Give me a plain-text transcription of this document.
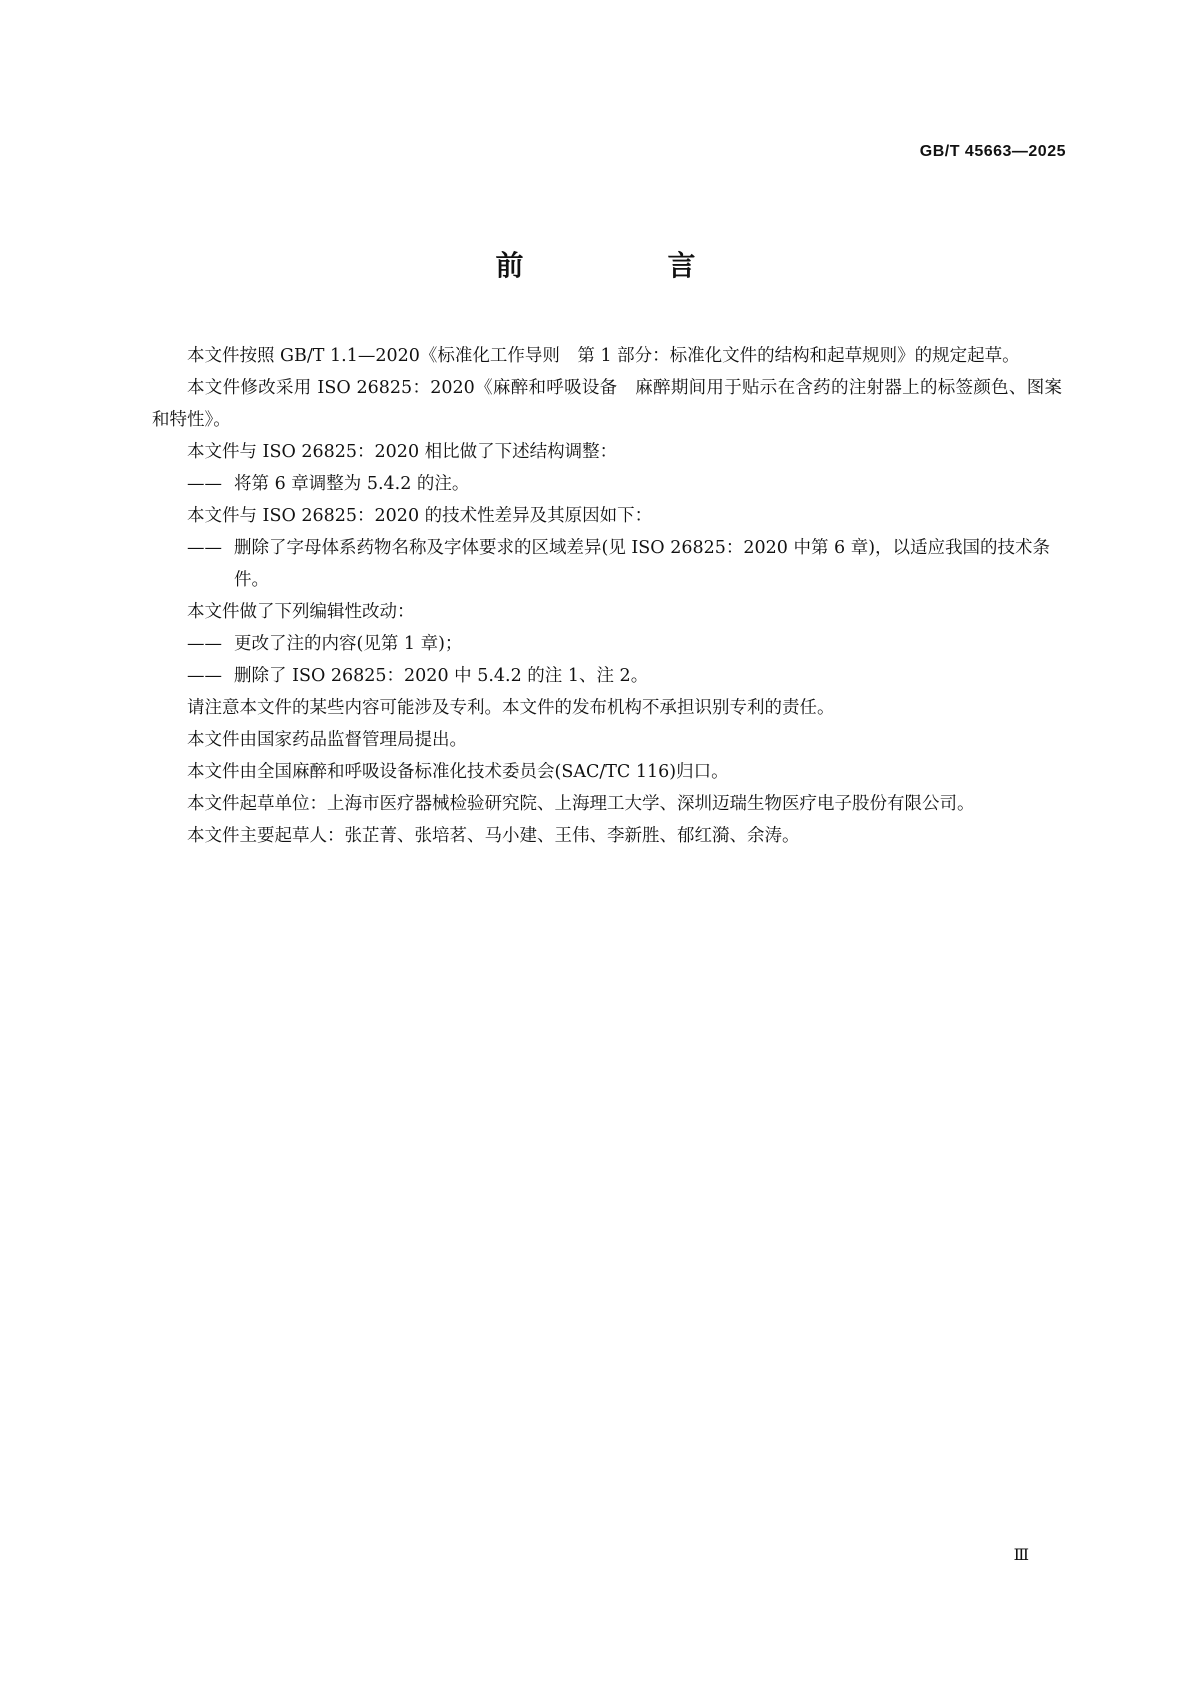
GB/T 45663—2025
前　言

本文件按照 GB/T 1.1—2020《标准化工作导则　第 1 部分：标准化文件的结构和起草规则》的规定起草。

本文件修改采用 ISO 26825：2020《麻醉和呼吸设备　麻醉期间用于贴示在含药的注射器上的标签颜色、图案和特性》。

本文件与 ISO 26825：2020 相比做了下述结构调整：

—— 将第 6 章调整为 5.4.2 的注。

本文件与 ISO 26825：2020 的技术性差异及其原因如下：

—— 删除了字母体系药物名称及字体要求的区域差异(见 ISO 26825：2020 中第 6 章)，以适应我国的技术条件。

本文件做了下列编辑性改动：

—— 更改了注的内容(见第 1 章)；

—— 删除了 ISO 26825：2020 中 5.4.2 的注 1、注 2。

请注意本文件的某些内容可能涉及专利。本文件的发布机构不承担识别专利的责任。

本文件由国家药品监督管理局提出。

本文件由全国麻醉和呼吸设备标准化技术委员会(SAC/TC 116)归口。

本文件起草单位：上海市医疗器械检验研究院、上海理工大学、深圳迈瑞生物医疗电子股份有限公司。

本文件主要起草人：张芷菁、张培茗、马小建、王伟、李新胜、郁红漪、余涛。

Ⅲ
